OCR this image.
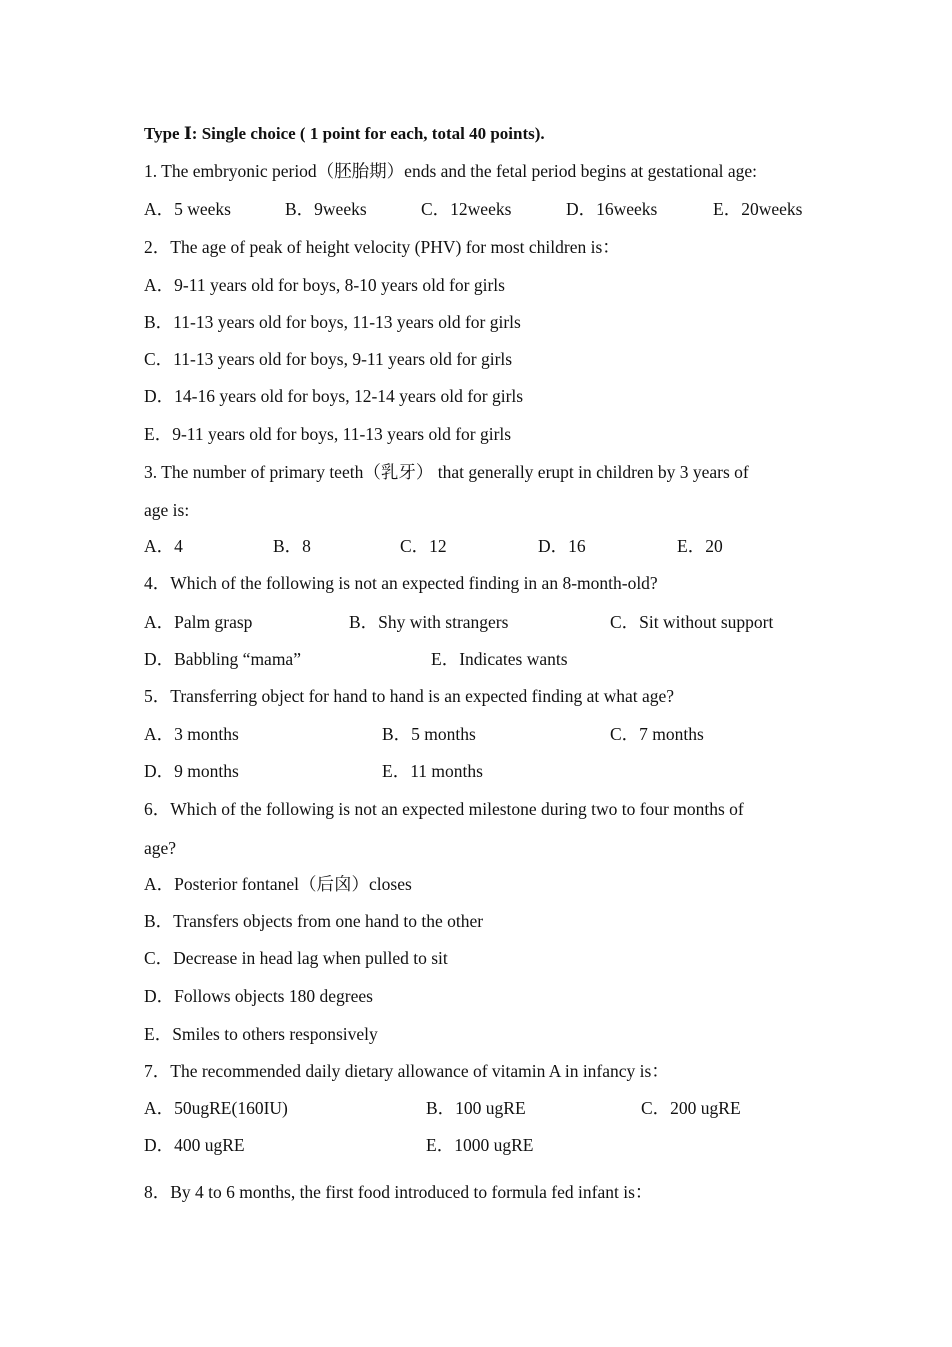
Type Ⅰ: Single choice ( 1 point for each, total 40 points).
1. The embryonic period（胚胎期）ends and the fetal period begins at gestational age:
A．5 weeks	B．9weeks	C．12weeks	D．16weeks	E．20weeks
2．The age of peak of height velocity (PHV) for most children is：
A．9-11 years old for boys, 8-10 years old for girls
B．11-13 years old for boys, 11-13 years old for girls
C．11-13 years old for boys, 9-11 years old for girls
D．14-16 years old for boys, 12-14 years old for girls
E．9-11 years old for boys, 11-13 years old for girls
3. The number of primary teeth（乳牙） that generally erupt in children by 3 years of
age is:
A．4	B．8	C．12	D．16	E．20
4．Which of the following is not an expected finding in an 8-month-old?
A．Palm grasp	B．Shy with strangers	C．Sit without support
D．Babbling “mama”	E．Indicates wants
5．Transferring object for hand to hand is an expected finding at what age?
A．3 months	B．5 months	C．7 months
D．9 months	E．11 months
6．Which of the following is not an expected milestone during two to four months of
age?
A．Posterior fontanel（后囟）closes
B．Transfers objects from one hand to the other
C．Decrease in head lag when pulled to sit
D．Follows objects 180 degrees
E．Smiles to others responsively
7．The recommended daily dietary allowance of vitamin A in infancy is：
A．50ugRE(160IU)	B．100 ugRE	C．200 ugRE
D．400 ugRE	E．1000 ugRE
8．By 4 to 6 months, the first food introduced to formula fed infant is：
